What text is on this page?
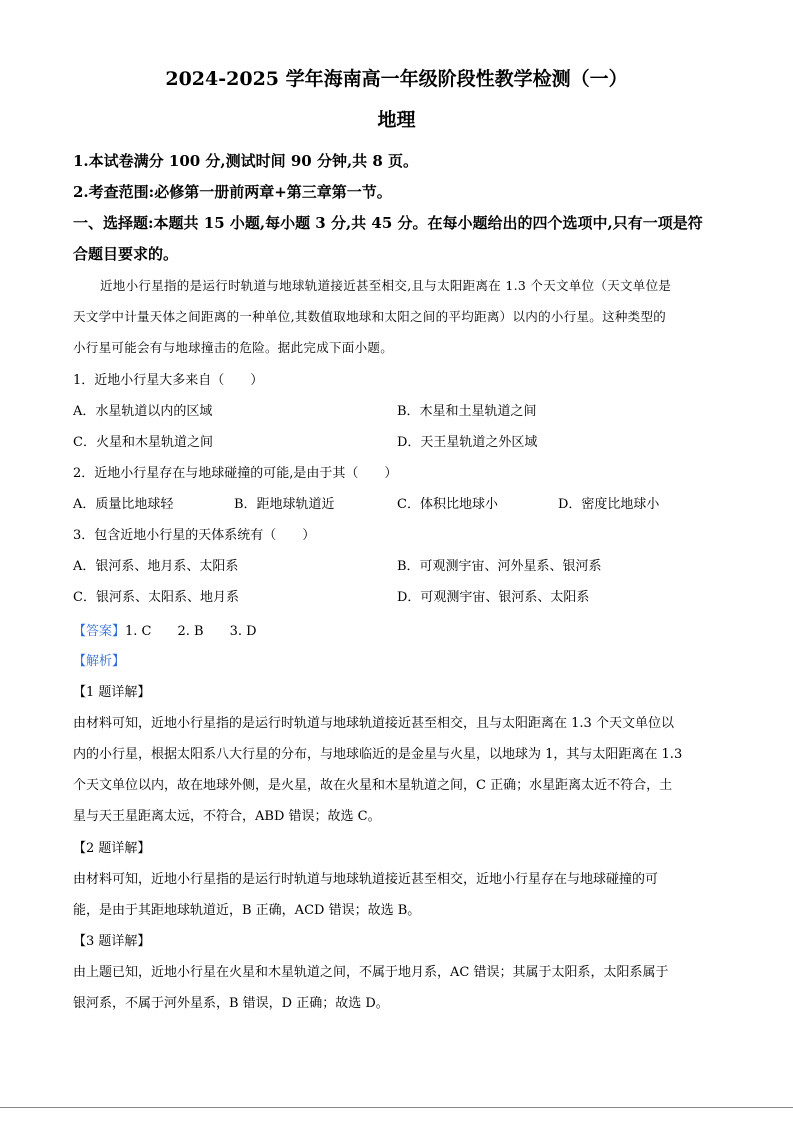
2024-2025 学年海南高一年级阶段性教学检测（一）
地理
1.本试卷满分 100 分,测试时间 90 分钟,共 8 页。
2.考查范围:必修第一册前两章+第三章第一节。
一、选择题:本题共 15 小题,每小题 3 分,共 45 分。在每小题给出的四个选项中,只有一项是符
合题目要求的。
近地小行星指的是运行时轨道与地球轨道接近甚至相交,且与太阳距离在 1.3 个天文单位（天文单位是
天文学中计量天体之间距离的一种单位,其数值取地球和太阳之间的平均距离）以内的小行星。这种类型的
小行星可能会有与地球撞击的危险。据此完成下面小题。
1．近地小行星大多来自（　　）
A．水星轨道以内的区域	B．木星和土星轨道之间
C．火星和木星轨道之间	D．天王星轨道之外区域
2．近地小行星存在与地球碰撞的可能,是由于其（　　）
A．质量比地球轻	B．距地球轨道近	C．体积比地球小	D．密度比地球小
3．包含近地小行星的天体系统有（　　）
A．银河系、地月系、太阳系	B．可观测宇宙、河外星系、银河系
C．银河系、太阳系、地月系	D．可观测宇宙、银河系、太阳系
【答案】1. C 2. B 3. D
【解析】
【1 题详解】
由材料可知，近地小行星指的是运行时轨道与地球轨道接近甚至相交，且与太阳距离在 1.3 个天文单位以
内的小行星，根据太阳系八大行星的分布，与地球临近的是金星与火星，以地球为 1，其与太阳距离在 1.3
个天文单位以内，故在地球外侧，是火星，故在火星和木星轨道之间，C 正确；水星距离太近不符合，土
星与天王星距离太远，不符合，ABD 错误；故选 C。
【2 题详解】
由材料可知，近地小行星指的是运行时轨道与地球轨道接近甚至相交，近地小行星存在与地球碰撞的可
能，是由于其距地球轨道近，B 正确，ACD 错误；故选 B。
【3 题详解】
由上题已知，近地小行星在火星和木星轨道之间，不属于地月系，AC 错误；其属于太阳系，太阳系属于
银河系，不属于河外星系，B 错误，D 正确；故选 D。
